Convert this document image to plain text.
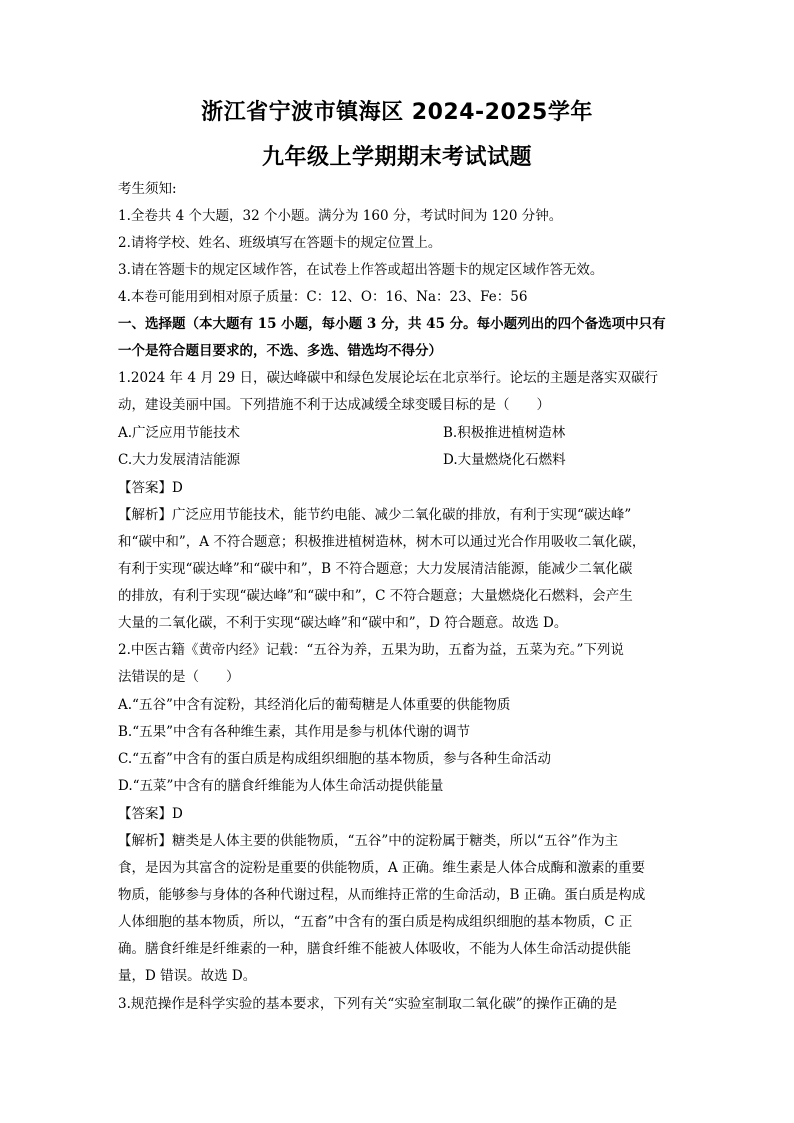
浙江省宁波市镇海区 2024-2025学年
九年级上学期期末考试试题
考生须知:
1.全卷共 4 个大题，32 个小题。满分为 160 分，考试时间为 120 分钟。
2.请将学校、姓名、班级填写在答题卡的规定位置上。
3.请在答题卡的规定区域作答，在试卷上作答或超出答题卡的规定区域作答无效。
4.本卷可能用到相对原子质量：C：12、O：16、Na：23、Fe：56
一、选择题（本大题有 15 小题，每小题 3 分，共 45 分。每小题列出的四个备选项中只有
一个是符合题目要求的，不选、多选、错选均不得分）
1.2024 年 4 月 29 日，碳达峰碳中和绿色发展论坛在北京举行。论坛的主题是落实双碳行
动，建设美丽中国。下列措施不利于达成减缓全球变暖目标的是（　　）
A.广泛应用节能技术	B.积极推进植树造林
C.大力发展清洁能源	D.大量燃烧化石燃料
【答案】D
【解析】广泛应用节能技术，能节约电能、减少二氧化碳的排放，有利于实现“碳达峰”
和“碳中和”，A 不符合题意；积极推进植树造林，树木可以通过光合作用吸收二氧化碳，
有利于实现“碳达峰”和“碳中和”，B 不符合题意；大力发展清洁能源，能减少二氧化碳
的排放，有利于实现“碳达峰”和“碳中和”，C 不符合题意；大量燃烧化石燃料，会产生
大量的二氧化碳，不利于实现“碳达峰”和“碳中和”，D 符合题意。故选 D。
2.中医古籍《黄帝内经》记载：“五谷为养，五果为助，五畜为益，五菜为充。”下列说
法错误的是（　　）
A.“五谷”中含有淀粉，其经消化后的葡萄糖是人体重要的供能物质
B.“五果”中含有各种维生素，其作用是参与机体代谢的调节
C.“五畜”中含有的蛋白质是构成组织细胞的基本物质，参与各种生命活动
D.“五菜”中含有的膳食纤维能为人体生命活动提供能量
【答案】D
【解析】糖类是人体主要的供能物质，“五谷”中的淀粉属于糖类，所以“五谷”作为主
食，是因为其富含的淀粉是重要的供能物质，A 正确。维生素是人体合成酶和激素的重要
物质，能够参与身体的各种代谢过程，从而维持正常的生命活动，B 正确。蛋白质是构成
人体细胞的基本物质，所以，“五畜”中含有的蛋白质是构成组织细胞的基本物质，C 正
确。膳食纤维是纤维素的一种，膳食纤维不能被人体吸收，不能为人体生命活动提供能
量，D 错误。故选 D。
3.规范操作是科学实验的基本要求，下列有关“实验室制取二氧化碳”的操作正确的是
